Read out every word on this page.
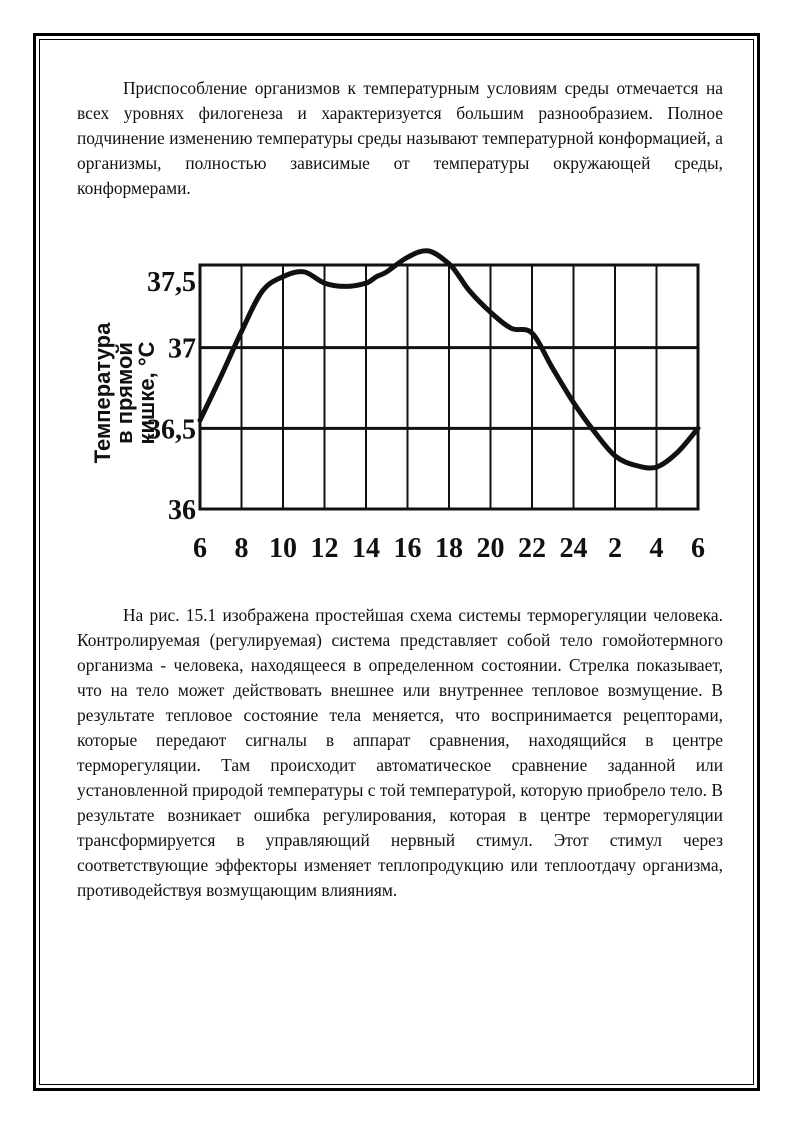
Приспособление организмов к температурным условиям среды отмечается на всех уровнях филогенеза и характеризуется большим разнообразием. Полное подчинение изменению температуры среды называют температурной конформацией, а организмы, полностью зависимые от температуры окружающей среды, конформерами.

Температура
в прямой
кишке, °С
37,5
37
36,5
36
6 8 10 12 14 16 18 20 22 24 2 4 6

На рис. 15.1 изображена простейшая схема системы терморегуляции человека. Контролируемая (регулируемая) система представляет собой тело гомойотермного организма - человека, находящееся в определенном состоянии. Стрелка показывает, что на тело может действовать внешнее или внутреннее тепловое возмущение. В результате тепловое состояние тела меняется, что воспринимается рецепторами, которые передают сигналы в аппарат сравнения, находящийся в центре терморегуляции. Там происходит автоматическое сравнение заданной или установленной природой температуры с той температурой, которую приобрело тело. В результате возникает ошибка регулирования, которая в центре терморегуляции трансформируется в управляющий нервный стимул. Этот стимул через соответствующие эффекторы изменяет теплопродукцию или теплоотдачу организма, противодействуя возмущающим влияниям.
